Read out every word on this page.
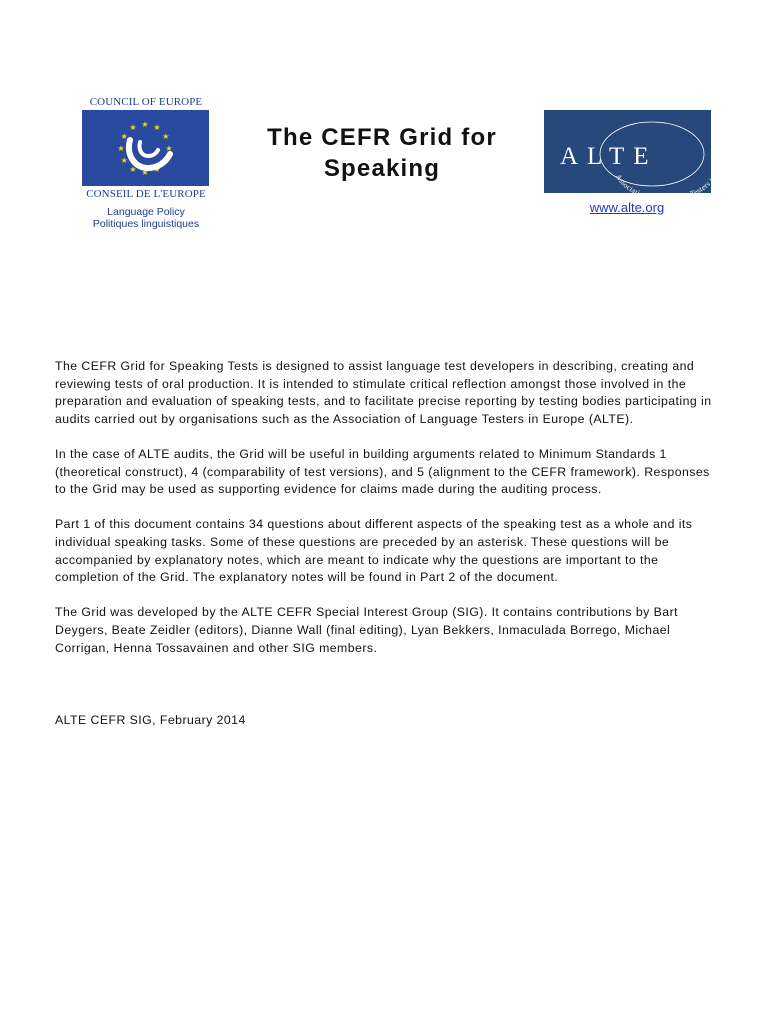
COUNCIL OF EUROPE
★ ★
★
★
★
★
★
★
★
★
★
★
CONSEIL DE L'EUROPE
Language Policy
Politiques linguistiques
The CEFR Grid for
Speaking	Associati ester
ALTE
www.alte.org

The CEFR Grid for Speaking Tests is designed to assist language test developers in describing, creating and reviewing tests of oral production. It is intended to stimulate critical reflection amongst those involved in the preparation and evaluation of speaking tests, and to facilitate precise reporting by testing bodies participating in audits carried out by organisations such as the Association of Language Testers in Europe (ALTE).

In the case of ALTE audits, the Grid will be useful in building arguments related to Minimum Standards 1 (theoretical construct), 4 (comparability of test versions), and 5 (alignment to the CEFR framework). Responses to the Grid may be used as supporting evidence for claims made during the auditing process.

Part 1 of this document contains 34 questions about different aspects of the speaking test as a whole and its individual speaking tasks. Some of these questions are preceded by an asterisk. These questions will be accompanied by explanatory notes, which are meant to indicate why the questions are important to the completion of the Grid. The explanatory notes will be found in Part 2 of the document.

The Grid was developed by the ALTE CEFR Special Interest Group (SIG). It contains contributions by Bart Deygers, Beate Zeidler (editors), Dianne Wall (final editing), Lyan Bekkers, Inmaculada Borrego, Michael Corrigan, Henna Tossavainen and other SIG members.

ALTE CEFR SIG, February 2014
